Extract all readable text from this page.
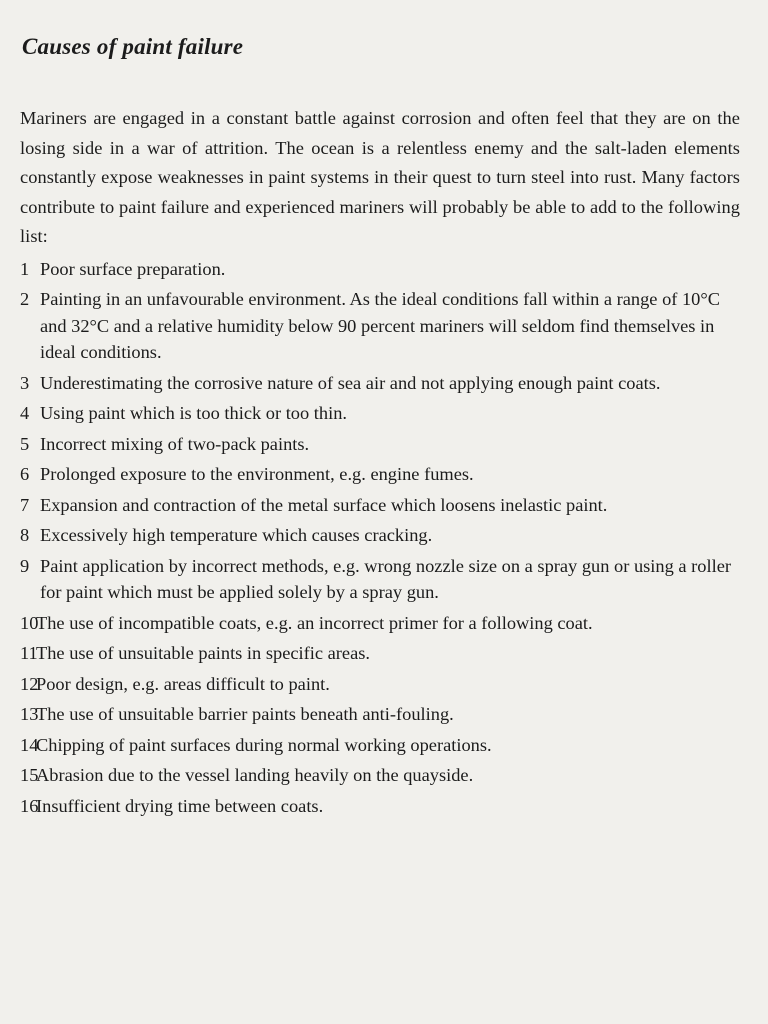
Causes of paint failure

Mariners are engaged in a constant battle against corrosion and often feel that they are on the losing side in a war of attrition. The ocean is a relentless enemy and the salt-laden elements constantly expose weaknesses in paint systems in their quest to turn steel into rust. Many factors contribute to paint failure and experienced mariners will probably be able to add to the following list:

1 Poor surface preparation.
2 Painting in an unfavourable environment. As the ideal conditions fall within a range of 10°C and 32°C and a relative humidity below 90 percent mariners will seldom find themselves in ideal conditions.
3 Underestimating the corrosive nature of sea air and not applying enough paint coats.
4 Using paint which is too thick or too thin.
5 Incorrect mixing of two-pack paints.
6 Prolonged exposure to the environment, e.g. engine fumes.
7 Expansion and contraction of the metal surface which loosens inelastic paint.
8 Excessively high temperature which causes cracking.
9 Paint application by incorrect methods, e.g. wrong nozzle size on a spray gun or using a roller for paint which must be applied solely by a spray gun.
10
The use of incompatible coats, e.g. an incorrect primer for a following coat.
11
The use of unsuitable paints in specific areas.
12
Poor design, e.g. areas difficult to paint.
13
The use of unsuitable barrier paints beneath anti-fouling.
14
Chipping of paint surfaces during normal working operations.
15
Abrasion due to the vessel landing heavily on the quayside.
16
Insufficient drying time between coats.
